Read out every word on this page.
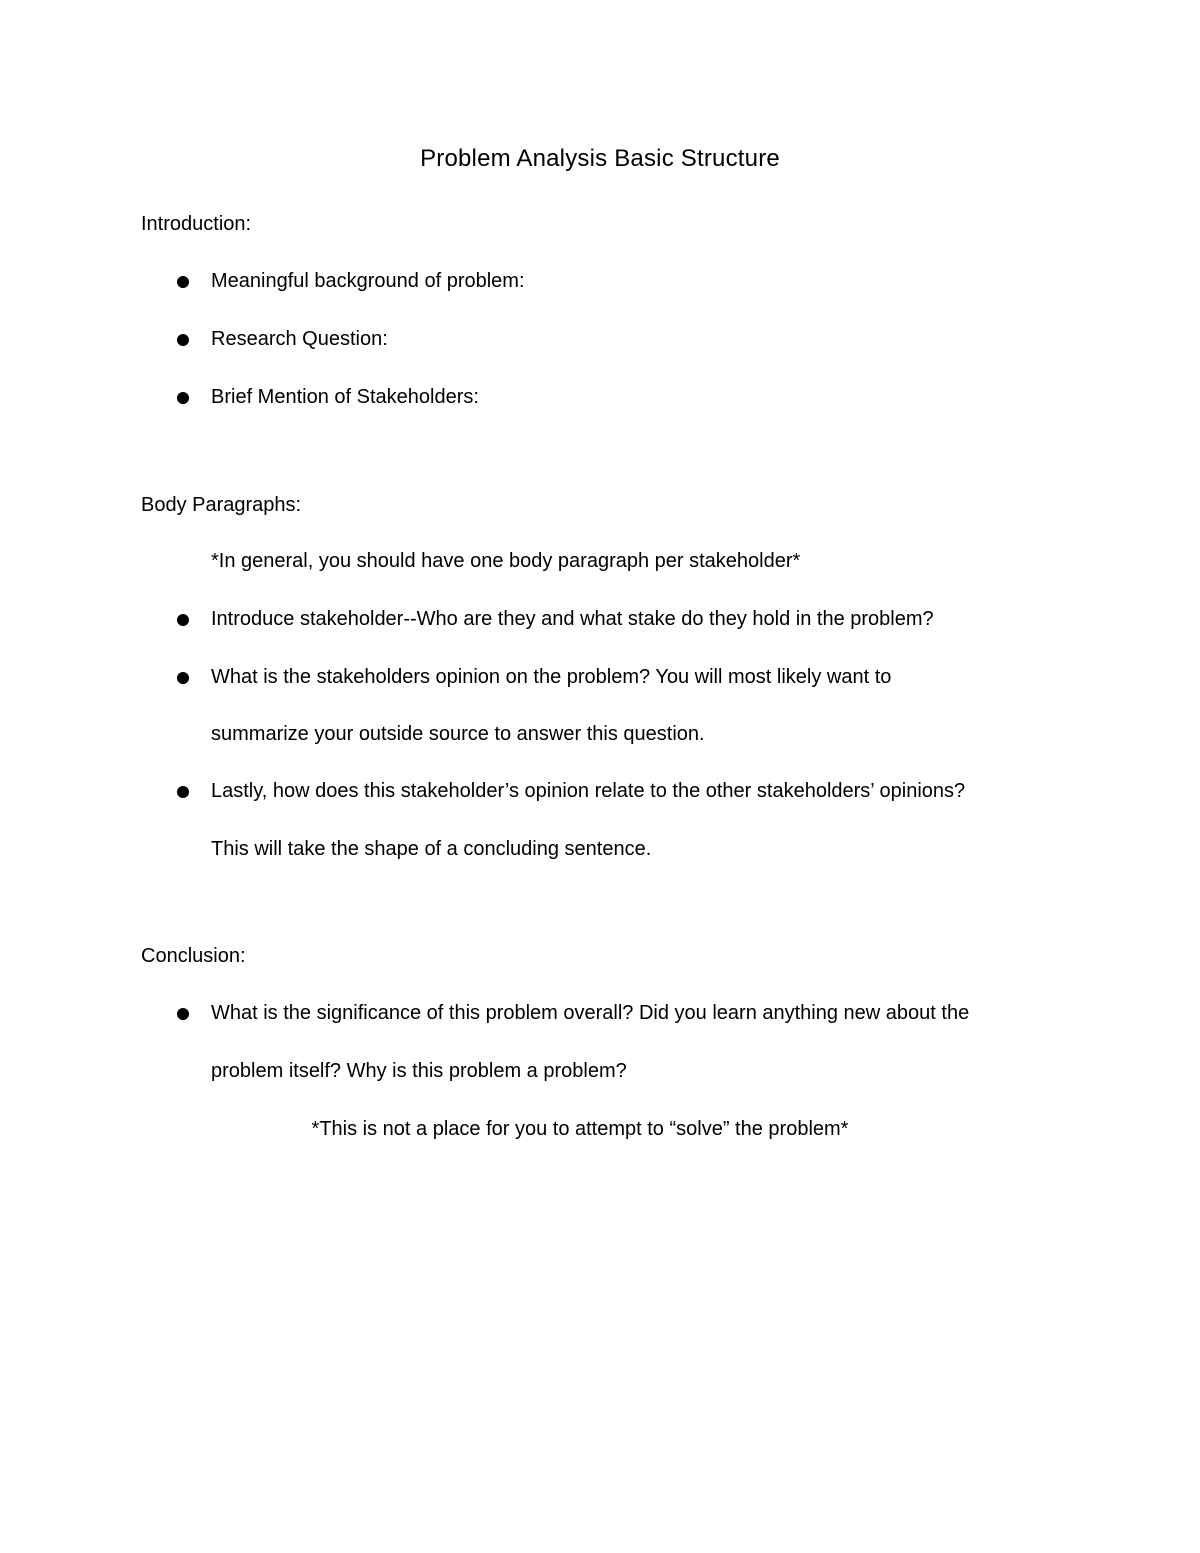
Problem Analysis Basic Structure
Introduction:
Meaningful background of problem:
Research Question:
Brief Mention of Stakeholders:
Body Paragraphs:
*In general, you should have one body paragraph per stakeholder*
Introduce stakeholder--Who are they and what stake do they hold in the problem?
What is the stakeholders opinion on the problem? You will most likely want to
summarize your outside source to answer this question.
Lastly, how does this stakeholder’s opinion relate to the other stakeholders’ opinions?
This will take the shape of a concluding sentence.
Conclusion:
What is the significance of this problem overall? Did you learn anything new about the
problem itself? Why is this problem a problem?
*This is not a place for you to attempt to “solve” the problem*
